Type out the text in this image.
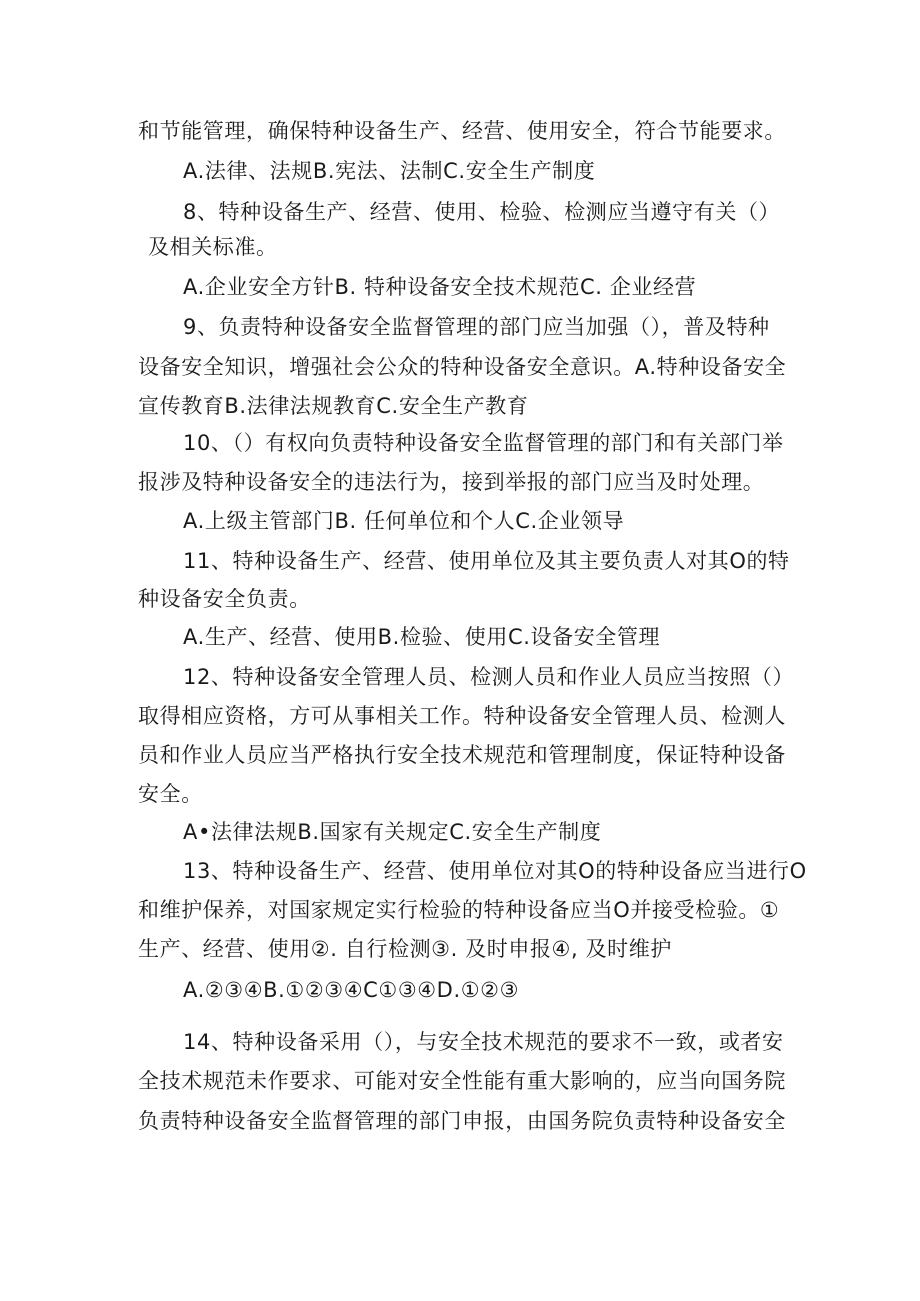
和节能管理，确保特种设备生产、经营、使用安全，符合节能要求。
A.法律、法规B.宪法、法制C.安全生产制度
8、特种设备生产、经营、使用、检验、检测应当遵守有关（）
及相关标准。
A.企业安全方针B. 特种设备安全技术规范C. 企业经营
9、负责特种设备安全监督管理的部门应当加强（），普及特种
设备安全知识，增强社会公众的特种设备安全意识。A.特种设备安全
宣传教育B.法律法规教育C.安全生产教育
10、（）有权向负责特种设备安全监督管理的部门和有关部门举
报涉及特种设备安全的违法行为，接到举报的部门应当及时处理。
A.上级主管部门B. 任何单位和个人C.企业领导
11、特种设备生产、经营、使用单位及其主要负责人对其O的特
种设备安全负责。
A.生产、经营、使用B.检验、使用C.设备安全管理
12、特种设备安全管理人员、检测人员和作业人员应当按照（）
取得相应资格，方可从事相关工作。特种设备安全管理人员、检测人
员和作业人员应当严格执行安全技术规范和管理制度，保证特种设备
安全。
A•法律法规B.国家有关规定C.安全生产制度
13、特种设备生产、经营、使用单位对其O的特种设备应当进行O
和维护保养，对国家规定实行检验的特种设备应当O并接受检验。①
生产、经营、使用②. 自行检测③. 及时申报④, 及时维护
A.②③④B.①②③④C①③④D.①②③
14、特种设备采用（），与安全技术规范的要求不一致，或者安
全技术规范未作要求、可能对安全性能有重大影响的，应当向国务院
负责特种设备安全监督管理的部门申报，由国务院负责特种设备安全
